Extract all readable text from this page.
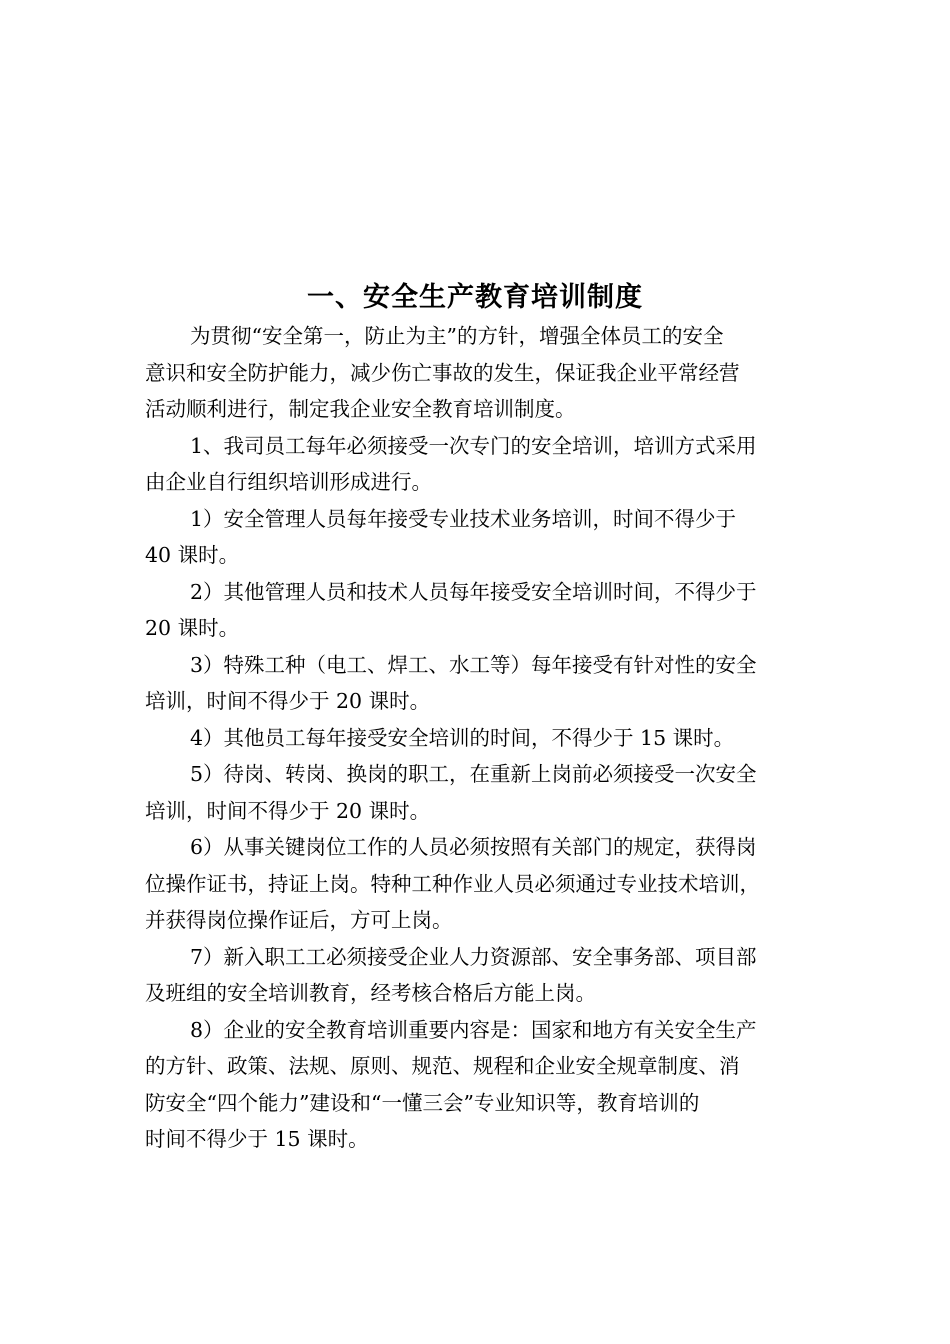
一、安全生产教育培训制度

为贯彻“安全第一，防止为主”的方针，增强全体员工的安全
意识和安全防护能力，减少伤亡事故的发生，保证我企业平常经营
活动顺利进行，制定我企业安全教育培训制度。

1、我司员工每年必须接受一次专门的安全培训，培训方式采用
由企业自行组织培训形成进行。

1）安全管理人员每年接受专业技术业务培训，时间不得少于
40 课时。

2）其他管理人员和技术人员每年接受安全培训时间，不得少于
20 课时。

3）特殊工种（电工、焊工、水工等）每年接受有针对性的安全
培训，时间不得少于 20 课时。

4）其他员工每年接受安全培训的时间，不得少于 15 课时。

5）待岗、转岗、换岗的职工，在重新上岗前必须接受一次安全
培训，时间不得少于 20 课时。

6）从事关键岗位工作的人员必须按照有关部门的规定，获得岗
位操作证书，持证上岗。特种工种作业人员必须通过专业技术培训，
并获得岗位操作证后，方可上岗。

7）新入职工工必须接受企业人力资源部、安全事务部、项目部
及班组的安全培训教育，经考核合格后方能上岗。

8）企业的安全教育培训重要内容是：国家和地方有关安全生产
的方针、政策、法规、原则、规范、规程和企业安全规章制度、消
防安全“四个能力”建设和“一懂三会”专业知识等，教育培训的
时间不得少于 15 课时。
